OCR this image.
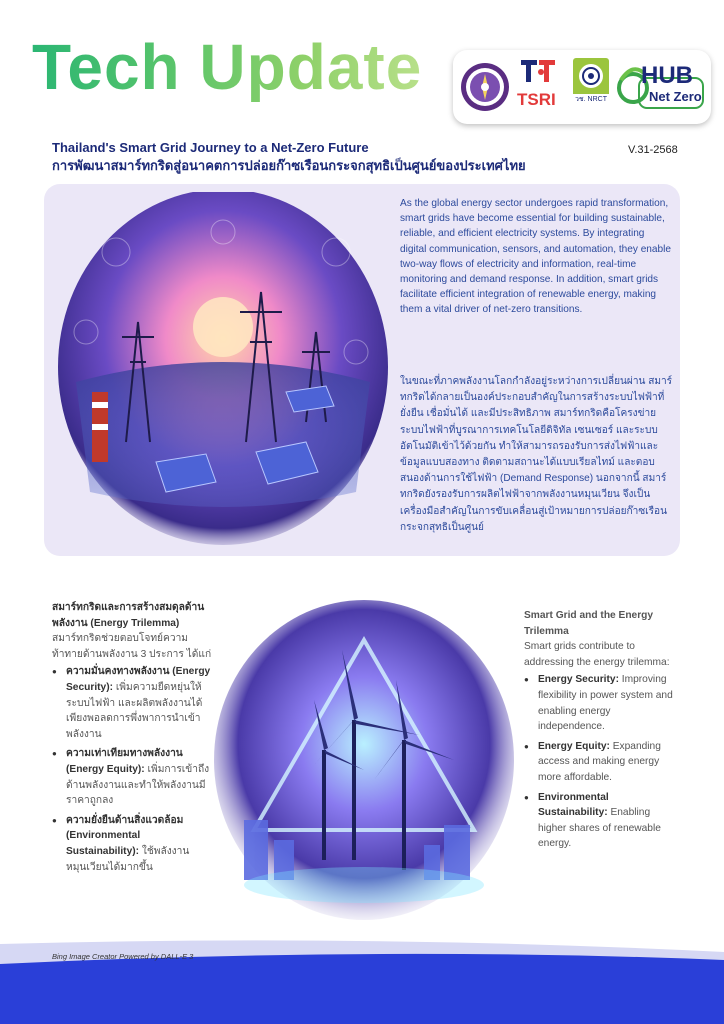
Tech Update	TSRI	วช. NRCT
HUB
Net Zero
Thailand's Smart Grid Journey to a Net-Zero Future
การพัฒนาสมาร์ทกริดสู่อนาคตการปล่อยก๊าซเรือนกระจกสุทธิเป็นศูนย์ของประเทศไทย
V.31-2568
As the global energy sector undergoes rapid transformation, smart grids have become essential for building sustainable, reliable, and efficient electricity systems. By integrating digital communication, sensors, and automation, they enable two-way flows of electricity and information, real-time monitoring and demand response. In addition, smart grids facilitate efficient integration of renewable energy, making them a vital driver of net-zero transitions.
ในขณะที่ภาคพลังงานโลกกำลังอยู่ระหว่างการเปลี่ยนผ่าน สมาร์ทกริดได้กลายเป็นองค์ประกอบสำคัญในการสร้างระบบไฟฟ้าที่ยั่งยืน เชื่อมั่นได้ และมีประสิทธิภาพ สมาร์ทกริดคือโครงข่ายระบบไฟฟ้าที่บูรณาการเทคโนโลยีดิจิทัล เซนเซอร์ และระบบอัตโนมัติเข้าไว้ด้วยกัน ทำให้สามารถรองรับการส่งไฟฟ้าและข้อมูลแบบสองทาง ติดตามสถานะได้แบบเรียลไทม์ และตอบสนองด้านการใช้ไฟฟ้า (Demand Response) นอกจากนี้ สมาร์ทกริดยังรองรับการผลิตไฟฟ้าจากพลังงานหมุนเวียน จึงเป็นเครื่องมือสำคัญในการขับเคลื่อนสู่เป้าหมายการปล่อยก๊าซเรือนกระจกสุทธิเป็นศูนย์
สมาร์ทกริดและการสร้างสมดุลด้านพลังงาน (Energy Trilemma)
สมาร์ทกริดช่วยตอบโจทย์ความท้าทายด้านพลังงาน 3 ประการ ได้แก่
● ความมั่นคงทางพลังงาน (Energy Security): เพิ่มความยืดหยุ่นให้ระบบไฟฟ้า และผลิตพลังงานได้เพียงพอลดการพึ่งพาการนำเข้าพลังงาน
● ความเท่าเทียมทางพลังงาน (Energy Equity): เพิ่มการเข้าถึงด้านพลังงานและทำให้พลังงานมีราคาถูกลง
● ความยั่งยืนด้านสิ่งแวดล้อม (Environmental Sustainability): ใช้พลังงานหมุนเวียนได้มากขึ้น
Smart Grid and the Energy Trilemma
Smart grids contribute to addressing the energy trilemma:
● Energy Security: Improving flexibility in power system and enabling energy independence.
● Energy Equity: Expanding access and making energy more affordable.
● Environmental Sustainability: Enabling higher shares of renewable energy.
Bing Image Creator Powered by DALL-E 3
